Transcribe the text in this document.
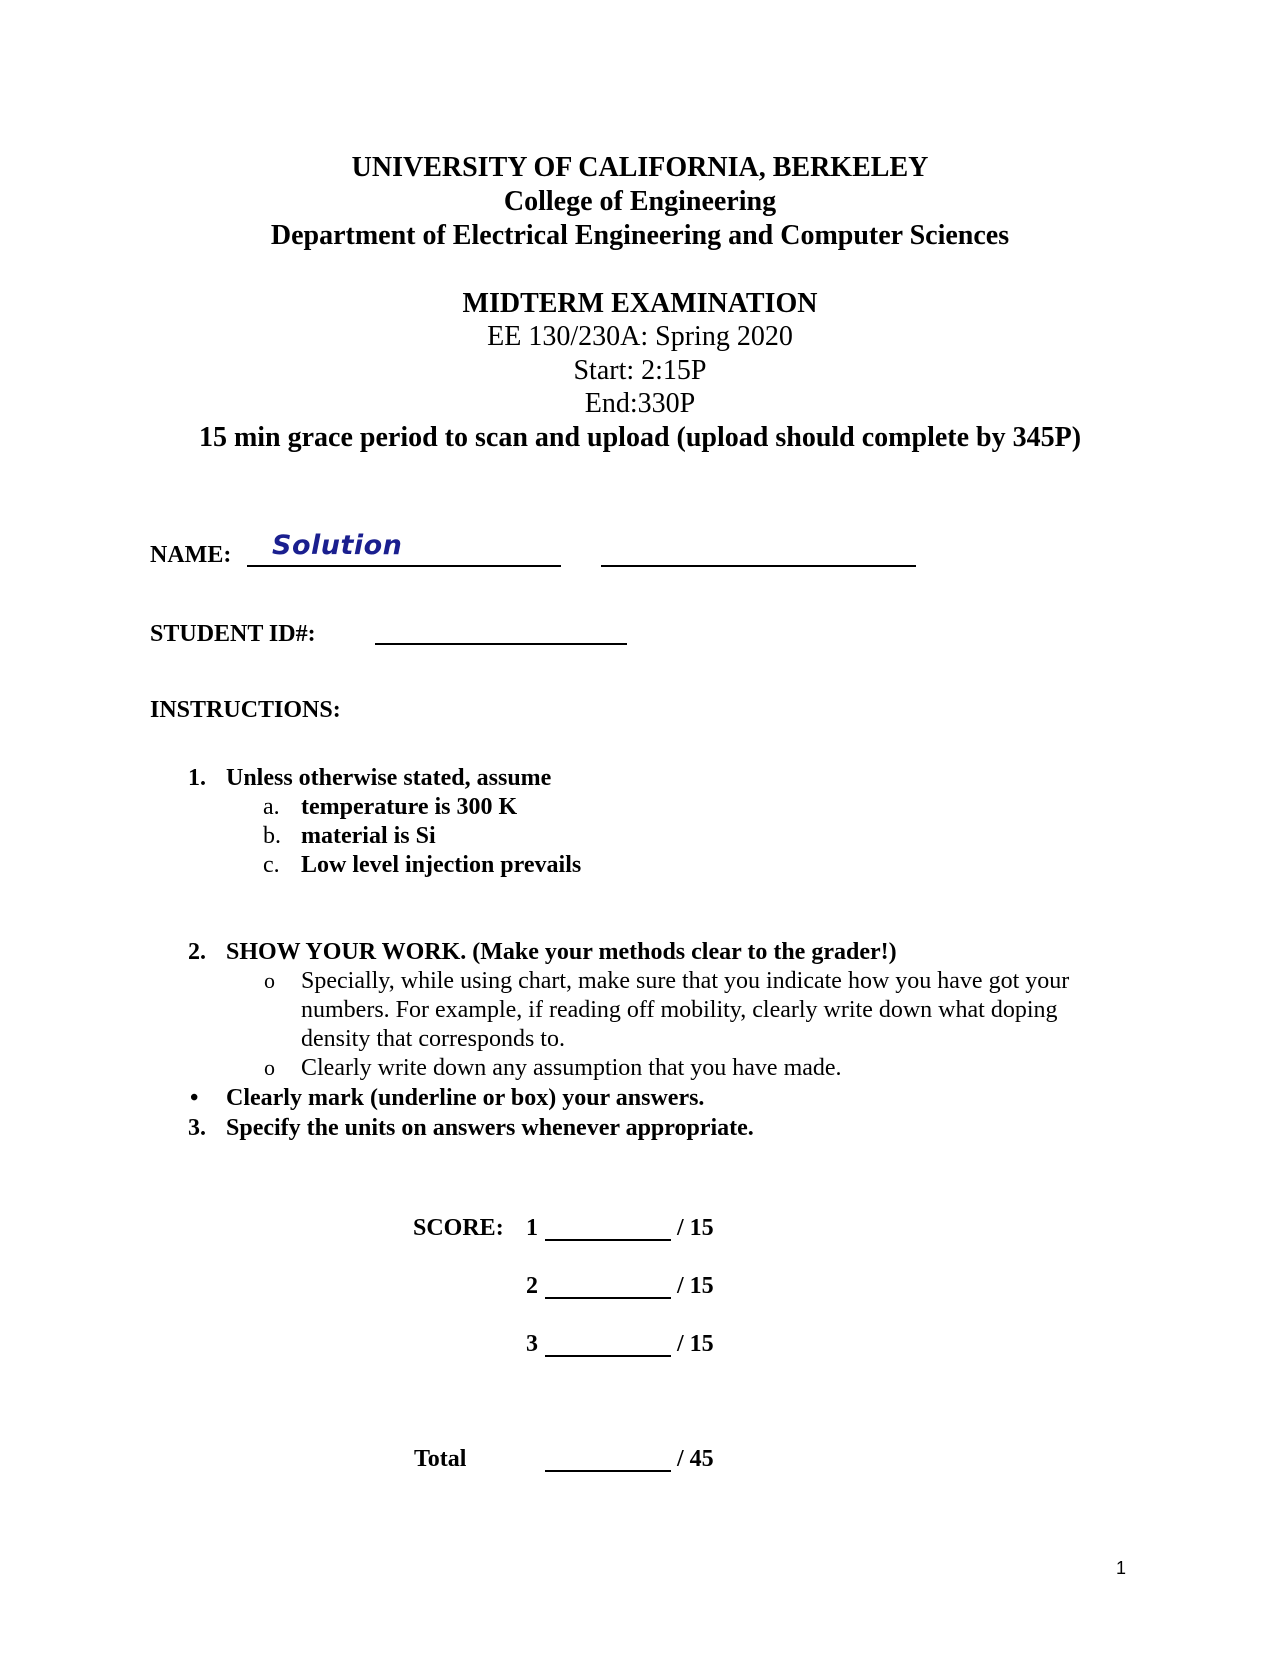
UNIVERSITY OF CALIFORNIA, BERKELEY
College of Engineering
Department of Electrical Engineering and Computer Sciences
MIDTERM EXAMINATION
EE 130/230A: Spring 2020
Start: 2:15P
End:330P
15 min grace period to scan and upload (upload should complete by 345P)
NAME: Solution
STUDENT ID#:
INSTRUCTIONS:
1. Unless otherwise stated, assume
a. temperature is 300 K
b. material is Si
c. Low level injection prevails
2. SHOW YOUR WORK. (Make your methods clear to the grader!)
o Specially, while using chart, make sure that you indicate how you have got your
numbers. For example, if reading off mobility, clearly write down what doping
density that corresponds to.
o Clearly write down any assumption that you have made.
• Clearly mark (underline or box) your answers.
3. Specify the units on answers whenever appropriate.
SCORE: 1	/ 15
2	/ 15
3	/ 15
Total	/ 45
1
